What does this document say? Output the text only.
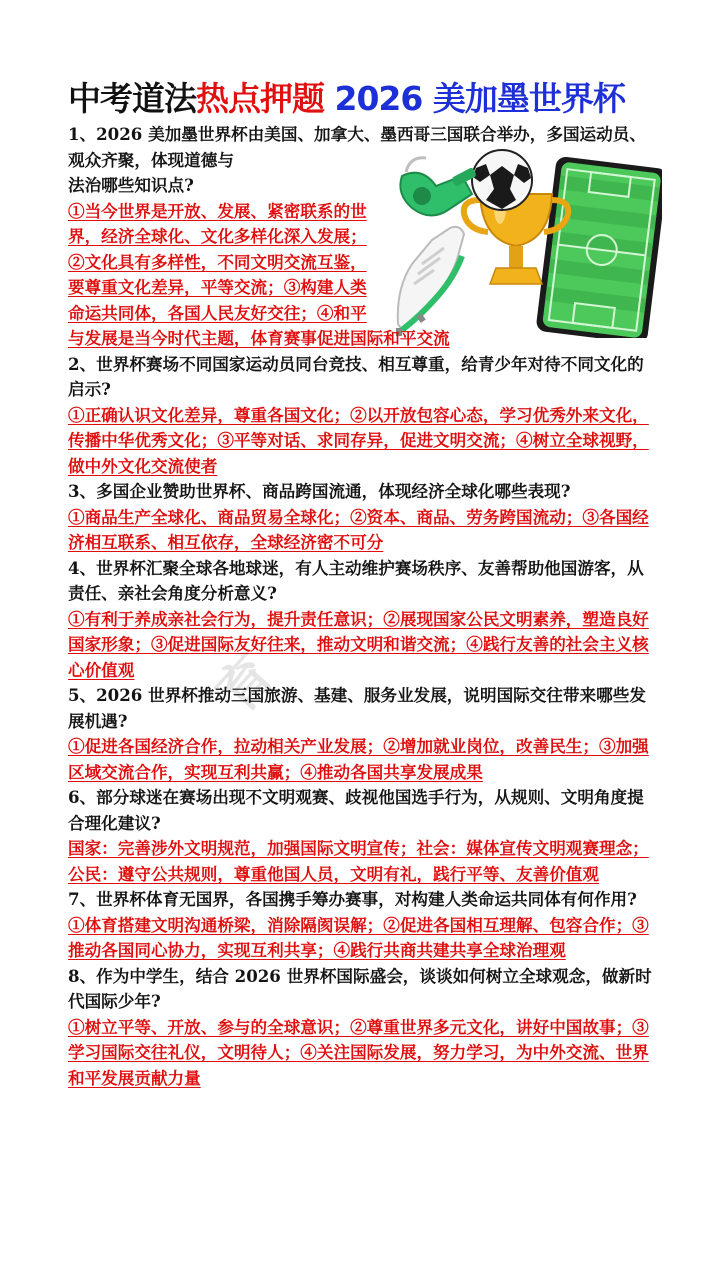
中考道法热点押题 2026 美加墨世界杯

1、2026 美加墨世界杯由美国、加拿大、墨西哥三国联合举办，多国运动员、观众齐聚，体现道德与

法治哪些知识点?

①当今世界是开放、发展、紧密联系的世界，经济全球化、文化多样化深入发展；②文化具有多样性，不同文明交流互鉴，要尊重文化差异，平等交流；③构建人类命运共同体，各国人民友好交往；④和平

与发展是当今时代主题，体育赛事促进国际和平交流

2、世界杯赛场不同国家运动员同台竞技、相互尊重，给青少年对待不同文化的启示?

①正确认识文化差异，尊重各国文化；②以开放包容心态，学习优秀外来文化，传播中华优秀文化；③平等对话、求同存异，促进文明交流；④树立全球视野，做中外文化交流使者

3、多国企业赞助世界杯、商品跨国流通，体现经济全球化哪些表现?

①商品生产全球化、商品贸易全球化；②资本、商品、劳务跨国流动；③各国经济相互联系、相互依存，全球经济密不可分

4、世界杯汇聚全球各地球迷，有人主动维护赛场秩序、友善帮助他国游客，从责任、亲社会角度分析意义?

①有利于养成亲社会行为，提升责任意识；②展现国家公民文明素养，塑造良好国家形象；③促进国际友好往来，推动文明和谐交流；④践行友善的社会主义核心价值观

5、2026 世界杯推动三国旅游、基建、服务业发展，说明国际交往带来哪些发展机遇?

①促进各国经济合作，拉动相关产业发展；②增加就业岗位，改善民生；③加强区域交流合作，实现互利共赢；④推动各国共享发展成果

6、部分球迷在赛场出现不文明观赛、歧视他国选手行为，从规则、文明角度提合理化建议?

国家：完善涉外文明规范，加强国际文明宣传；社会：媒体宣传文明观赛理念；公民：遵守公共规则，尊重他国人员，文明有礼，践行平等、友善价值观

7、世界杯体育无国界，各国携手筹办赛事，对构建人类命运共同体有何作用?

①体育搭建文明沟通桥梁，消除隔阂误解；②促进各国相互理解、包容合作；③推动各国同心协力，实现互利共享；④践行共商共建共享全球治理观

8、作为中学生，结合 2026 世界杯国际盛会，谈谈如何树立全球观念，做新时代国际少年?

①树立平等、开放、参与的全球意识；②尊重世界多元文化，讲好中国故事；③学习国际交往礼仪，文明待人；④关注国际发展，努力学习，为中外交流、世界和平发展贡献力量

育
